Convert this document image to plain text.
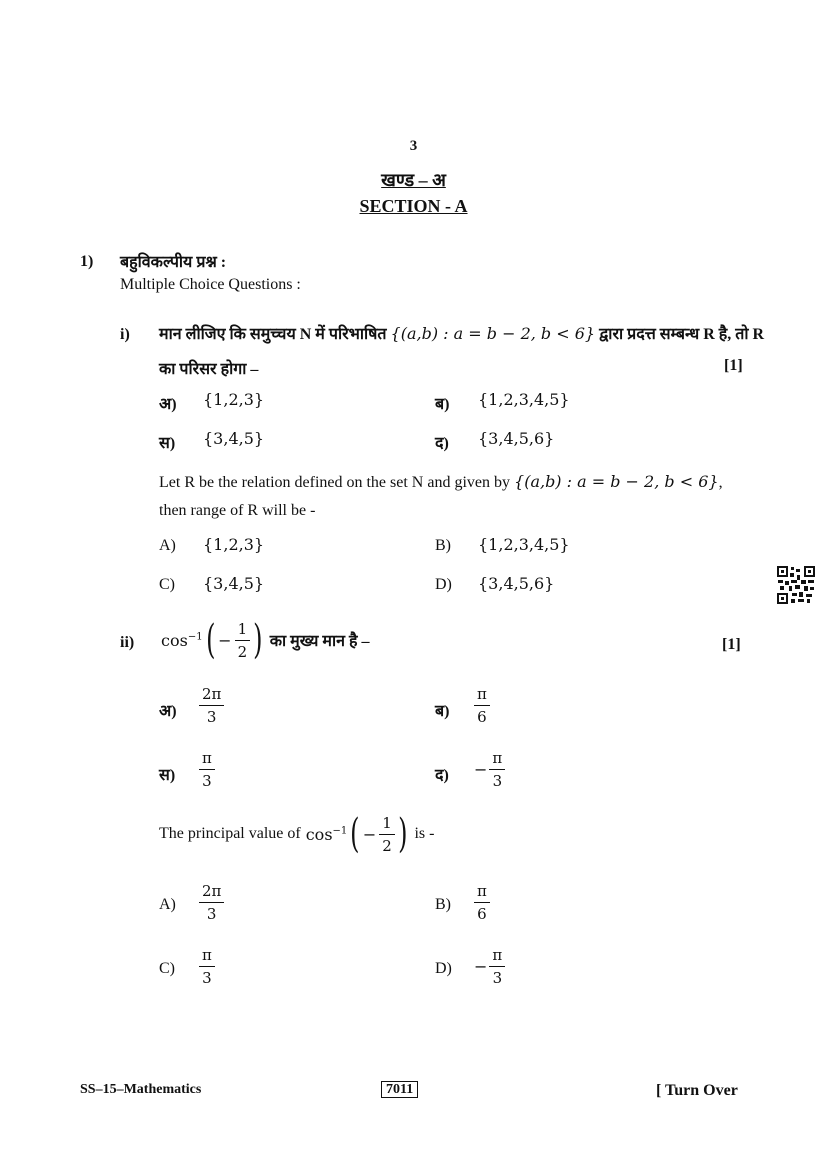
3
खण्ड – अ
SECTION - A
1) बहुविकल्पीय प्रश्न :
Multiple Choice Questions :
i) मान लीजिए कि समुच्चय N में परिभाषित {(a,b) : a = b − 2, b < 6} द्वारा प्रदत्त सम्बन्ध R है, तो R
का परिसर होगा –	[1]
अ) {1,2,3}	ब) {1,2,3,4,5}
स) {3,4,5}	द) {3,4,5,6}
Let R be the relation defined on the set N and given by {(a,b) : a = b − 2, b < 6},
then range of R will be -
A) {1,2,3}	B) {1,2,3,4,5}
C) {3,4,5}	D) {3,4,5,6}
ii) $\cos^{-1}$ ( − $\frac{1}{2}$ ) का मुख्य मान है –	[1]
अ) $\frac{2\pi}{3}$	ब) $\frac{\pi}{6}$
स) $\frac{\pi}{3}$	द) − $\frac{\pi}{3}$
The principal value of $\cos^{-1}$ ( − $\frac{1}{2}$ ) is -
$A) \frac{2\pi}{3}$	$B) \frac{\pi}{6}$
$C) \frac{\pi}{3}$	$D) - \frac{\pi}{3}$
SS–15–Mathematics	7011	[ Turn Over
